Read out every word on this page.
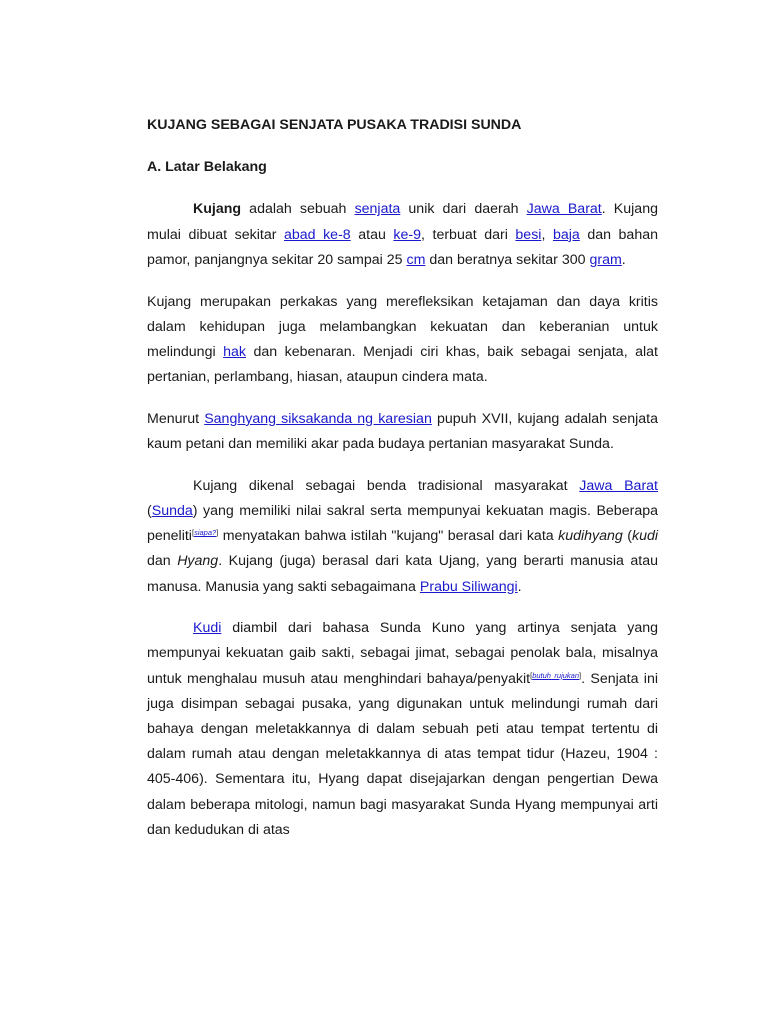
KUJANG SEBAGAI SENJATA PUSAKA TRADISI SUNDA
A. Latar Belakang

Kujang adalah sebuah senjata unik dari daerah Jawa Barat. Kujang mulai dibuat sekitar abad ke-8 atau ke-9, terbuat dari besi, baja dan bahan pamor, panjangnya sekitar 20 sampai 25 cm dan beratnya sekitar 300 gram.

Kujang merupakan perkakas yang merefleksikan ketajaman dan daya kritis dalam kehidupan juga melambangkan kekuatan dan keberanian untuk melindungi hak dan kebenaran. Menjadi ciri khas, baik sebagai senjata, alat pertanian, perlambang, hiasan, ataupun cindera mata.

Menurut Sanghyang siksakanda ng karesian pupuh XVII, kujang adalah senjata kaum petani dan memiliki akar pada budaya pertanian masyarakat Sunda.

Kujang dikenal sebagai benda tradisional masyarakat Jawa Barat (Sunda) yang memiliki nilai sakral serta mempunyai kekuatan magis. Beberapa peneliti[siapa?] menyatakan bahwa istilah "kujang" berasal dari kata kudihyang (kudi dan Hyang. Kujang (juga) berasal dari kata Ujang, yang berarti manusia atau manusa. Manusia yang sakti sebagaimana Prabu Siliwangi.

Kudi diambil dari bahasa Sunda Kuno yang artinya senjata yang mempunyai kekuatan gaib sakti, sebagai jimat, sebagai penolak bala, misalnya untuk menghalau musuh atau menghindari bahaya/penyakit[butuh rujukan]. Senjata ini juga disimpan sebagai pusaka, yang digunakan untuk melindungi rumah dari bahaya dengan meletakkannya di dalam sebuah peti atau tempat tertentu di dalam rumah atau dengan meletakkannya di atas tempat tidur (Hazeu, 1904 : 405-406). Sementara itu, Hyang dapat disejajarkan dengan pengertian Dewa dalam beberapa mitologi, namun bagi masyarakat Sunda Hyang mempunyai arti dan kedudukan di atas
